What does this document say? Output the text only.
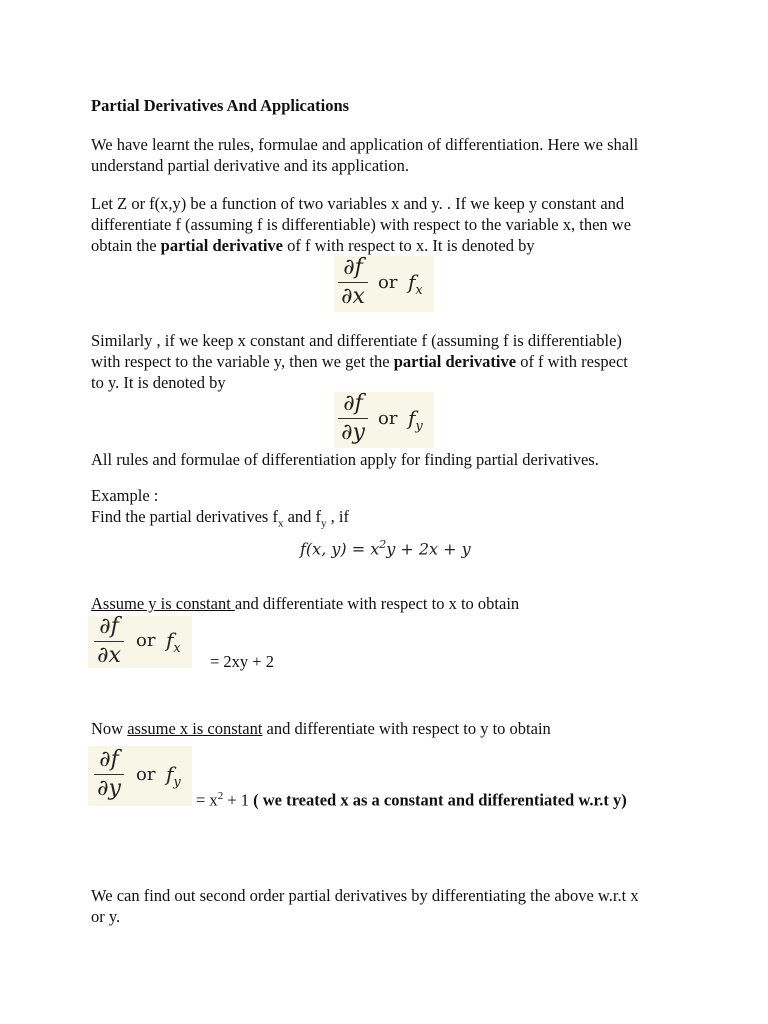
Partial Derivatives And Applications

We have learnt the rules, formulae and application of differentiation. Here we shall understand partial derivative and its application.

Let Z or f(x,y) be a function of two variables x and y. . If we keep y constant and
differentiate f (assuming f is differentiable) with respect to the variable x, then we
obtain the partial derivative of f with respect to x. It is denoted by
∂f
∂x
or $f_x$
Similarly , if we keep x constant and differentiate f (assuming f is differentiable)
with respect to the variable y, then we get the partial derivative of f with respect
to y. It is denoted by
∂f
∂y
or $f_y$

All rules and formulae of differentiation apply for finding partial derivatives.

Example :

Find the partial derivatives $f_x$ and $f_y$ , if

f(x, $y) = x^2y + 2x + y$

Assume y is constant and differentiate with respect to x to obtain

∂f
∂x
or $f_x$
= 2xy + 2

Now assume x is constant and differentiate with respect to y to obtain

∂f
∂y
or $f_y$
= $x^2 + 1$ ( we treated x as a constant and differentiated w.r.t y)
We can find out second order partial derivatives by differentiating the above w.r.t x
or y.
